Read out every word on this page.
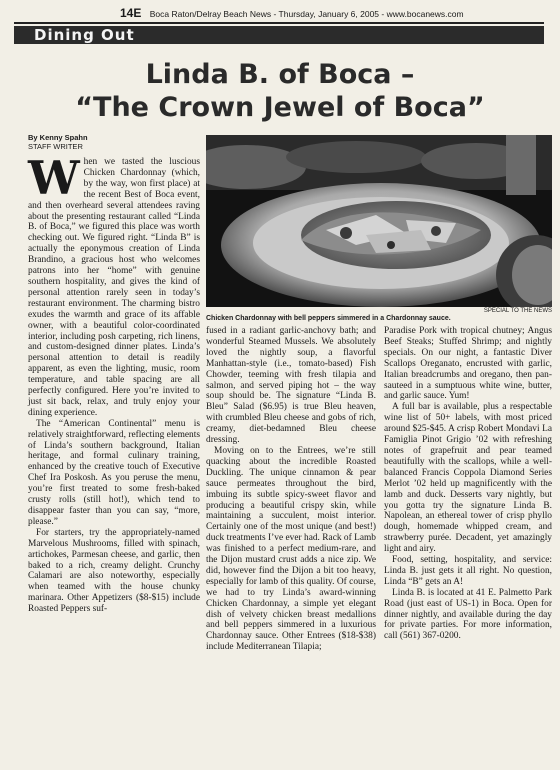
14E Boca Raton/Delray Beach News - Thursday, January 6, 2005 - www.bocanews.com
Dining Out
Linda B. of Boca –
“The Crown Jewel of Boca”
By Kenny Spahn
STAFF WRITER
SPECIAL TO THE NEWS
Chicken Chardonnay with bell peppers simmered in a Chardonnay sauce.
W hen we tasted the luscious Chicken Chardonnay (which, by the way, won first place) at the recent Best of Boca event, and then overheard several attendees raving about the presenting restaurant called “Linda B. of Boca,” we figured this place was worth checking out. We figured right. “Linda B” is actually the eponymous creation of Linda Brandino, a gracious host who welcomes patrons into her “home” with genuine southern hospitality, and gives the kind of personal attention rarely seen in today’s restaurant environment. The charming bistro exudes the warmth and grace of its affable owner, with a beautiful color-coordinated interior, including posh carpeting, rich linens, and custom-designed dinner plates. Linda’s personal attention to detail is readily apparent, as even the lighting, music, room temperature, and table spacing are all perfectly configured. Here you’re invited to just sit back, relax, and truly enjoy your dining experience.

The “American Continental” menu is relatively straightforward, reflecting elements of Linda’s southern background, Italian heritage, and formal culinary training, enhanced by the creative touch of Executive Chef Ira Poskosh. As you peruse the menu, you’re first treated to some fresh-baked crusty rolls (still hot!), which tend to disappear faster than you can say, “more, please.”

For starters, try the appropriately-named Marvelous Mushrooms, filled with spinach, artichokes, Parmesan cheese, and garlic, then baked to a rich, creamy delight. Crunchy Calamari are also noteworthy, especially when teamed with the house chunky marinara. Other Appetizers ($8-$15) include Roasted Peppers suf-

fused in a radiant garlic-anchovy bath; and wonderful Steamed Mussels. We absolutely loved the nightly soup, a flavorful Manhattan-style (i.e., tomato-based) Fish Chowder, teeming with fresh tilapia and salmon, and served piping hot – the way soup should be. The signature “Linda B. Bleu” Salad ($6.95) is true Bleu heaven, with crumbled Bleu cheese and gobs of rich, creamy, diet-bedamned Bleu cheese dressing.

Moving on to the Entrees, we’re still quacking about the incredible Roasted Duckling. The unique cinnamon & pear sauce permeates throughout the bird, imbuing its subtle spicy-sweet flavor and producing a beautiful crispy skin, while maintaining a succulent, moist interior. Certainly one of the most unique (and best!) duck treatments I’ve ever had. Rack of Lamb was finished to a perfect medium-rare, and the Dijon mustard crust adds a nice zip. We did, however find the Dijon a bit too heavy, especially for lamb of this quality. Of course, we had to try Linda’s award-winning Chicken Chardonnay, a simple yet elegant dish of velvety chicken breast medallions and bell peppers simmered in a luxurious Chardonnay sauce. Other Entrees ($18-$38) include Mediterranean Tilapia;

Paradise Pork with tropical chutney; Angus Beef Steaks; Stuffed Shrimp; and nightly specials. On our night, a fantastic Diver Scallops Oreganato, encrusted with garlic, Italian breadcrumbs and oregano, then pan-sauteed in a sumptuous white wine, butter, and garlic sauce. Yum!

A full bar is available, plus a respectable wine list of 50+ labels, with most priced around $25-$45. A crisp Robert Mondavi La Famiglia Pinot Grigio ’02 with refreshing notes of grapefruit and pear teamed beautifully with the scallops, while a well-balanced Francis Coppola Diamond Series Merlot ’02 held up magnificently with the lamb and duck. Desserts vary nightly, but you gotta try the signature Linda B. Napolean, an ethereal tower of crisp phyllo dough, homemade whipped cream, and strawberry purée. Decadent, yet amazingly light and airy.

Food, setting, hospitality, and service: Linda B. just gets it all right. No question, Linda “B” gets an A!

Linda B. is located at 41 E. Palmetto Park Road (just east of US-1) in Boca. Open for dinner nightly, and available during the day for private parties. For more information, call (561) 367-0200.
